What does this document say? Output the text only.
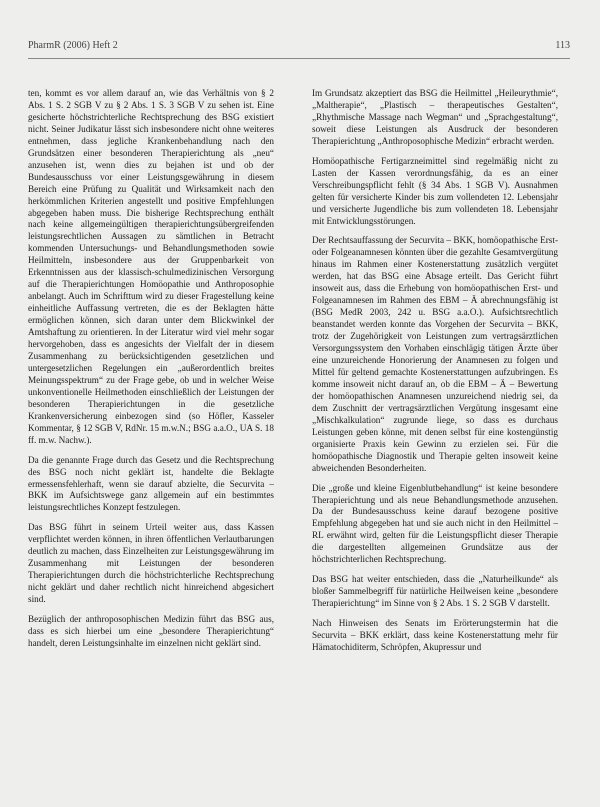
PharmR (2006) Heft 2	113

ten, kommt es vor allem darauf an, wie das Verhältnis von § 2 Abs. 1 S. 2 SGB V zu § 2 Abs. 1 S. 3 SGB V zu sehen ist. Eine gesicherte höchstrichterliche Rechtsprechung des BSG existiert nicht. Seiner Judikatur lässt sich insbesondere nicht ohne weiteres entnehmen, dass jegliche Krankenbehandlung nach den Grundsätzen einer besonderen Therapierichtung als „neu“ anzusehen ist, wenn dies zu bejahen ist und ob der Bundesausschuss vor einer Leistungsgewährung in diesem Bereich eine Prüfung zu Qualität und Wirksamkeit nach den herkömmlichen Kriterien angestellt und positive Empfehlungen abgegeben haben muss. Die bisherige Rechtsprechung enthält nach keine allgemeingültigen therapierichtungsübergreifenden leistungsrechtlichen Aussagen zu sämtlichen in Betracht kommenden Untersuchungs- und Behandlungsmethoden sowie Heilmitteln, insbesondere aus der Gruppenbarkeit von Erkenntnissen aus der klassisch-schulmedizinischen Versorgung auf die Therapierichtungen Homöopathie und Anthroposophie anbelangt. Auch im Schrifttum wird zu dieser Fragestellung keine einheitliche Auffassung vertreten, die es der Beklagten hätte ermöglichen können, sich daran unter dem Blickwinkel der Amtshaftung zu orientieren. In der Literatur wird viel mehr sogar hervorgehoben, dass es angesichts der Vielfalt der in diesem Zusammenhang zu berücksichtigenden gesetzlichen und untergesetzlichen Regelungen ein „außerordentlich breites Meinungsspektrum“ zu der Frage gebe, ob und in welcher Weise unkonventionelle Heilmethoden einschließlich der Leistungen der besonderen Therapierichtungen in die gesetzliche Krankenversicherung einbezogen sind (so Höfler, Kasseler Kommentar, § 12 SGB V, RdNr. 15 m.w.N.; BSG a.a.O., UA S. 18 ff. m.w. Nachw.).

Da die genannte Frage durch das Gesetz und die Rechtsprechung des BSG noch nicht geklärt ist, handelte die Beklagte ermessensfehlerhaft, wenn sie darauf abzielte, die Securvita – BKK im Aufsichtswege ganz allgemein auf ein bestimmtes leistungsrechtliches Konzept festzulegen.

Das BSG führt in seinem Urteil weiter aus, dass Kassen verpflichtet werden können, in ihren öffentlichen Verlautbarungen deutlich zu machen, dass Einzelheiten zur Leistungsgewährung im Zusammenhang mit Leistungen der besonderen Therapierichtungen durch die höchstrichterliche Rechtsprechung nicht geklärt und daher rechtlich nicht hinreichend abgesichert sind.

Bezüglich der anthroposophischen Medizin führt das BSG aus, dass es sich hierbei um eine „besondere Therapierichtung“ handelt, deren Leistungsinhalte im einzelnen nicht geklärt sind.

Im Grundsatz akzeptiert das BSG die Heilmittel „Heileurythmie“, „Maltherapie“, „Plastisch – therapeutisches Gestalten“, „Rhythmische Massage nach Wegman“ und „Sprachgestaltung“, soweit diese Leistungen als Ausdruck der besonderen Therapierichtung „Anthroposophische Medizin“ erbracht werden.

Homöopathische Fertigarzneimittel sind regelmäßig nicht zu Lasten der Kassen verordnungsfähig, da es an einer Verschreibungspflicht fehlt (§ 34 Abs. 1 SGB V). Ausnahmen gelten für versicherte Kinder bis zum vollendeten 12. Lebensjahr und versicherte Jugendliche bis zum vollendeten 18. Lebensjahr mit Entwicklungsstörungen.

Der Rechtsauffassung der Securvita – BKK, homöopathische Erst- oder Folgeanamnesen könnten über die gezahlte Gesamtvergütung hinaus im Rahmen einer Kostenerstattung zusätzlich vergütet werden, hat das BSG eine Absage erteilt. Das Gericht führt insoweit aus, dass die Erhebung von homöopathischen Erst- und Folgeanamnesen im Rahmen des EBM – Ä abrechnungsfähig ist (BSG MedR 2003, 242 u. BSG a.a.O.). Aufsichtsrechtlich beanstandet werden konnte das Vorgehen der Securvita – BKK, trotz der Zugehörigkeit von Leistungen zum vertragsärztlichen Versorgungssystem den Vorhaben einschlägig tätigen Ärzte über eine unzureichende Honorierung der Anamnesen zu folgen und Mittel für geltend gemachte Kostenerstattungen aufzubringen. Es komme insoweit nicht darauf an, ob die EBM – Ä – Bewertung der homöopathischen Anamnesen unzureichend niedrig sei, da dem Zuschnitt der vertragsärztlichen Vergütung insgesamt eine „Mischkalkulation“ zugrunde liege, so dass es durchaus Leistungen geben könne, mit denen selbst für eine kostengünstig organisierte Praxis kein Gewinn zu erzielen sei. Für die homöopathische Diagnostik und Therapie gelten insoweit keine abweichenden Besonderheiten.

Die „große und kleine Eigenblutbehandlung“ ist keine besondere Therapierichtung und als neue Behandlungsmethode anzusehen. Da der Bundesausschuss keine darauf bezogene positive Empfehlung abgegeben hat und sie auch nicht in den Heilmittel – RL erwähnt wird, gelten für die Leistungspflicht dieser Therapie die dargestellten allgemeinen Grundsätze aus der höchstrichterlichen Rechtsprechung.

Das BSG hat weiter entschieden, dass die „Naturheilkunde“ als bloßer Sammelbegriff für natürliche Heilweisen keine „besondere Therapierichtung“ im Sinne von § 2 Abs. 1 S. 2 SGB V darstellt.

Nach Hinweisen des Senats im Erörterungstermin hat die Securvita – BKK erklärt, dass keine Kostenerstattung mehr für Hämatochiditerm, Schröpfen, Akupressur und
